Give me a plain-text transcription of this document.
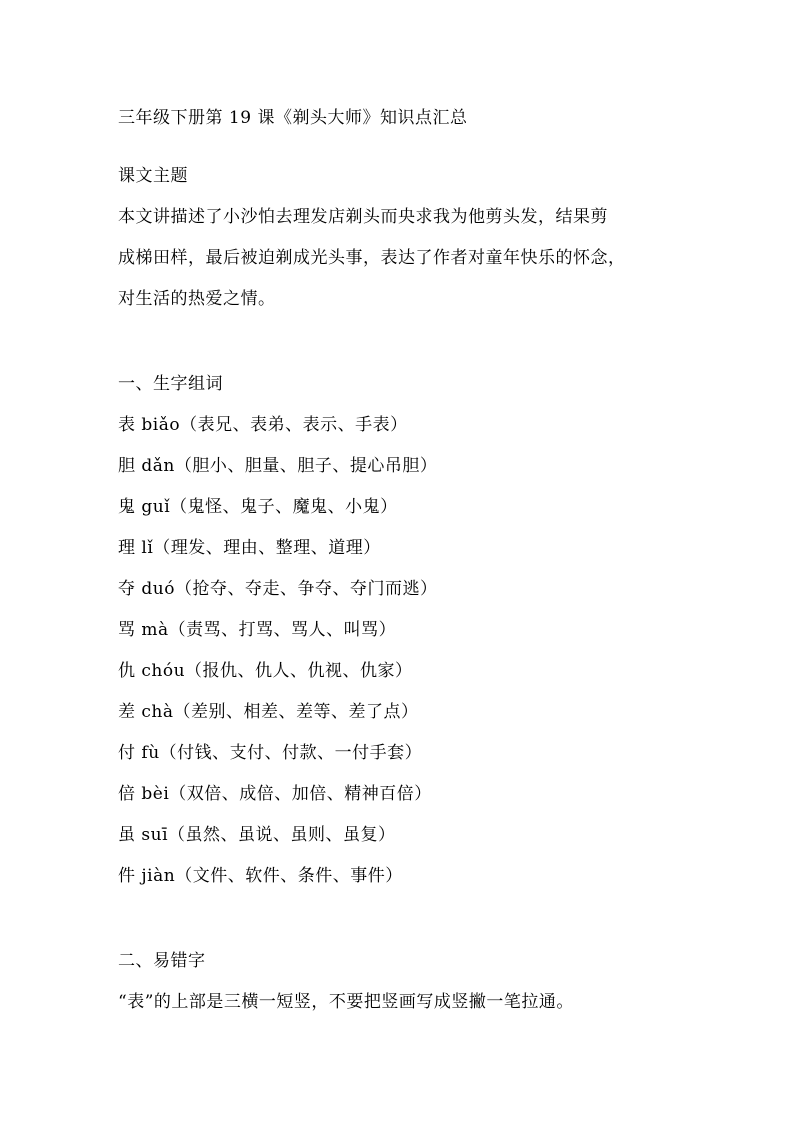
三年级下册第 19 课《剃头大师》知识点汇总
课文主题
本文讲描述了小沙怕去理发店剃头而央求我为他剪头发，结果剪
成梯田样，最后被迫剃成光头事，表达了作者对童年快乐的怀念，
对生活的热爱之情。
一、生字组词
表 biǎo（表兄、表弟、表示、手表）
胆 dǎn（胆小、胆量、胆子、提心吊胆）
鬼 guǐ（鬼怪、鬼子、魔鬼、小鬼）
理 lǐ（理发、理由、整理、道理）
夺 duó（抢夺、夺走、争夺、夺门而逃）
骂 mà（责骂、打骂、骂人、叫骂）
仇 chóu（报仇、仇人、仇视、仇家）
差 chà（差别、相差、差等、差了点）
付 fù（付钱、支付、付款、一付手套）
倍 bèi（双倍、成倍、加倍、精神百倍）
虽 suī（虽然、虽说、虽则、虽复）
件 jiàn（文件、软件、条件、事件）
二、易错字
“表”的上部是三横一短竖，不要把竖画写成竖撇一笔拉通。
